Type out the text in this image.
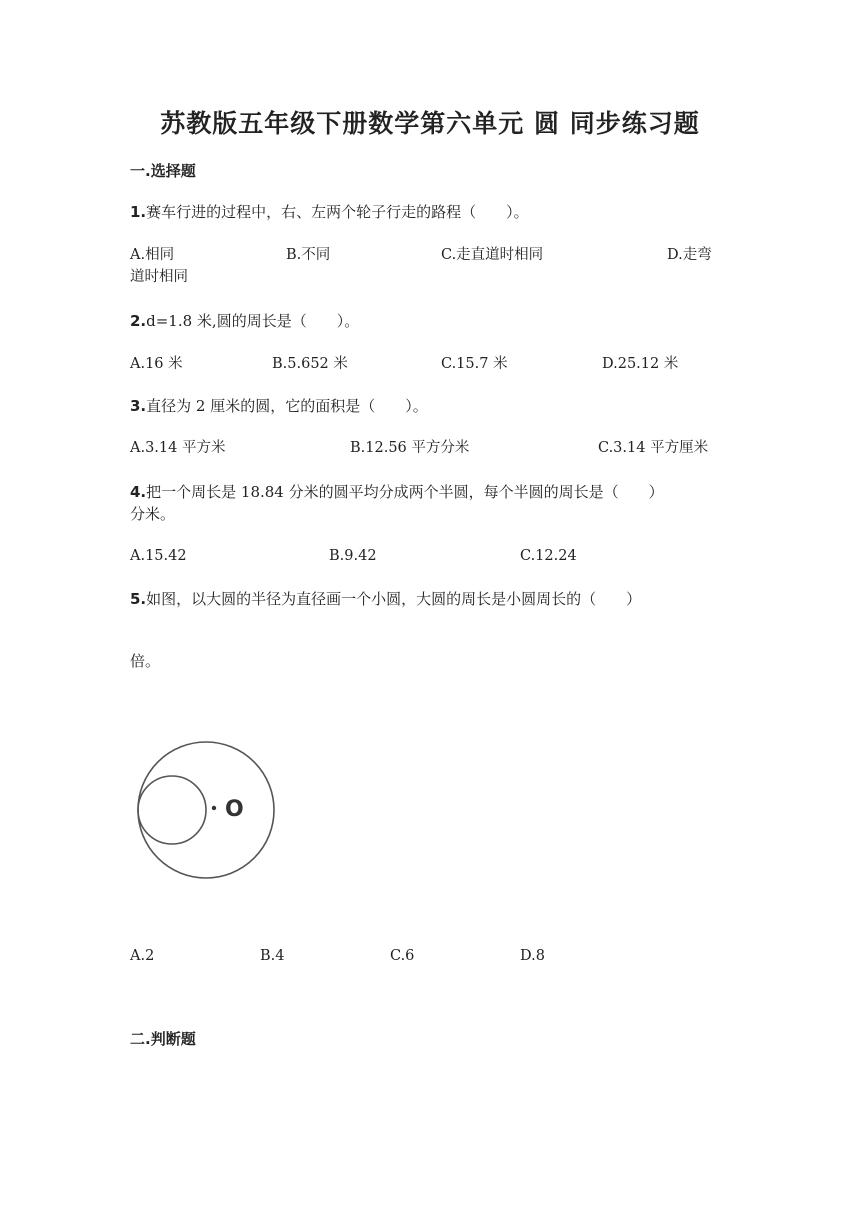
苏教版五年级下册数学第六单元 圆 同步练习题
一.选择题
1.赛车行进的过程中，右、左两个轮子行走的路程（　　）。
A.相同	B.不同	C.走直道时相同	D.走弯
道时相同
2.d=1.8 米,圆的周长是（　　）。
A.16 米	B.5.652 米	C.15.7 米	D.25.12 米
3.直径为 2 厘米的圆，它的面积是（　　）。
A.3.14 平方米	B.12.56 平方分米	C.3.14 平方厘米
4.把一个周长是 18.84 分米的圆平均分成两个半圆，每个半圆的周长是（　　）
分米。
A.15.42	B.9.42	C.12.24
5.如图，以大圆的半径为直径画一个小圆，大圆的周长是小圆周长的（　　）
倍。
O
A.2	B.4	C.6	D.8
二.判断题
